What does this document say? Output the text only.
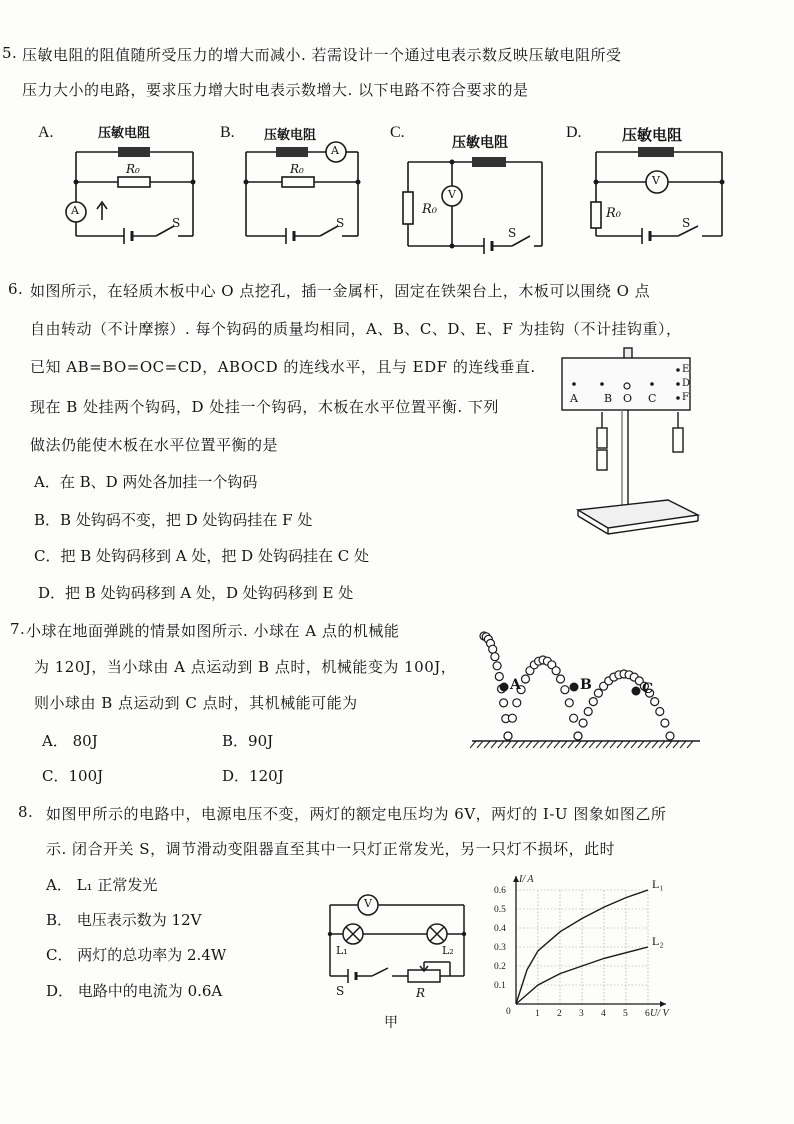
5. 压敏电阻的阻值随所受压力的增大而减小. 若需设计一个通过电表示数反映压敏电阻所受
压力大小的电路，要求压力增大时电表示数增大. 以下电路不符合要求的是
A.	压敏电阻
R₀
A
S
B. 压敏电阻
R₀
A
S
C.
压敏电阻
R₀
V
S
D.	压敏电阻
R₀
V
S
6. 如图所示，在轻质木板中心 O 点挖孔，插一金属杆，固定在铁架台上，木板可以围绕 O 点
自由转动（不计摩擦）. 每个钩码的质量均相同，A、B、C、D、E、F 为挂钩（不计挂钩重），
已知 AB=BO=OC=CD，ABOCD 的连线水平，且与 EDF 的连线垂直.
现在 B 处挂两个钩码，D 处挂一个钩码，木板在水平位置平衡. 下列
做法仍能使木板在水平位置平衡的是
A．在 B、D 两处各加挂一个钩码
B．B 处钩码不变，把 D 处钩码挂在 F 处
C．把 B 处钩码移到 A 处，把 D 处钩码挂在 C 处
D．把 B 处钩码移到 A 处，D 处钩码移到 E 处
A B O C
D
E
F
7. 小球在地面弹跳的情景如图所示. 小球在 A 点的机械能
为 120J，当小球由 A 点运动到 B 点时，机械能变为 100J，
则小球由 B 点运动到 C 点时，其机械能可能为
A． 80J	B．90J
C．100J	D．120J
A	B	C
8. 如图甲所示的电路中，电源电压不变，两灯的额定电压均为 6V，两灯的 I-U 图象如图乙所
示. 闭合开关 S，调节滑动变阻器直至其中一只灯正常发光，另一只灯不损坏，此时
A． L₁ 正常发光
B． 电压表示数为 12V
C． 两灯的总功率为 2.4W
D． 电路中的电流为 0.6A
V
L₁	L₂
S	R
甲
1 2 3 4 5 6
0.1
0.2
0.3
0.4
0.5
0.6
0
I/ A
U/ V
L₁
L₂
